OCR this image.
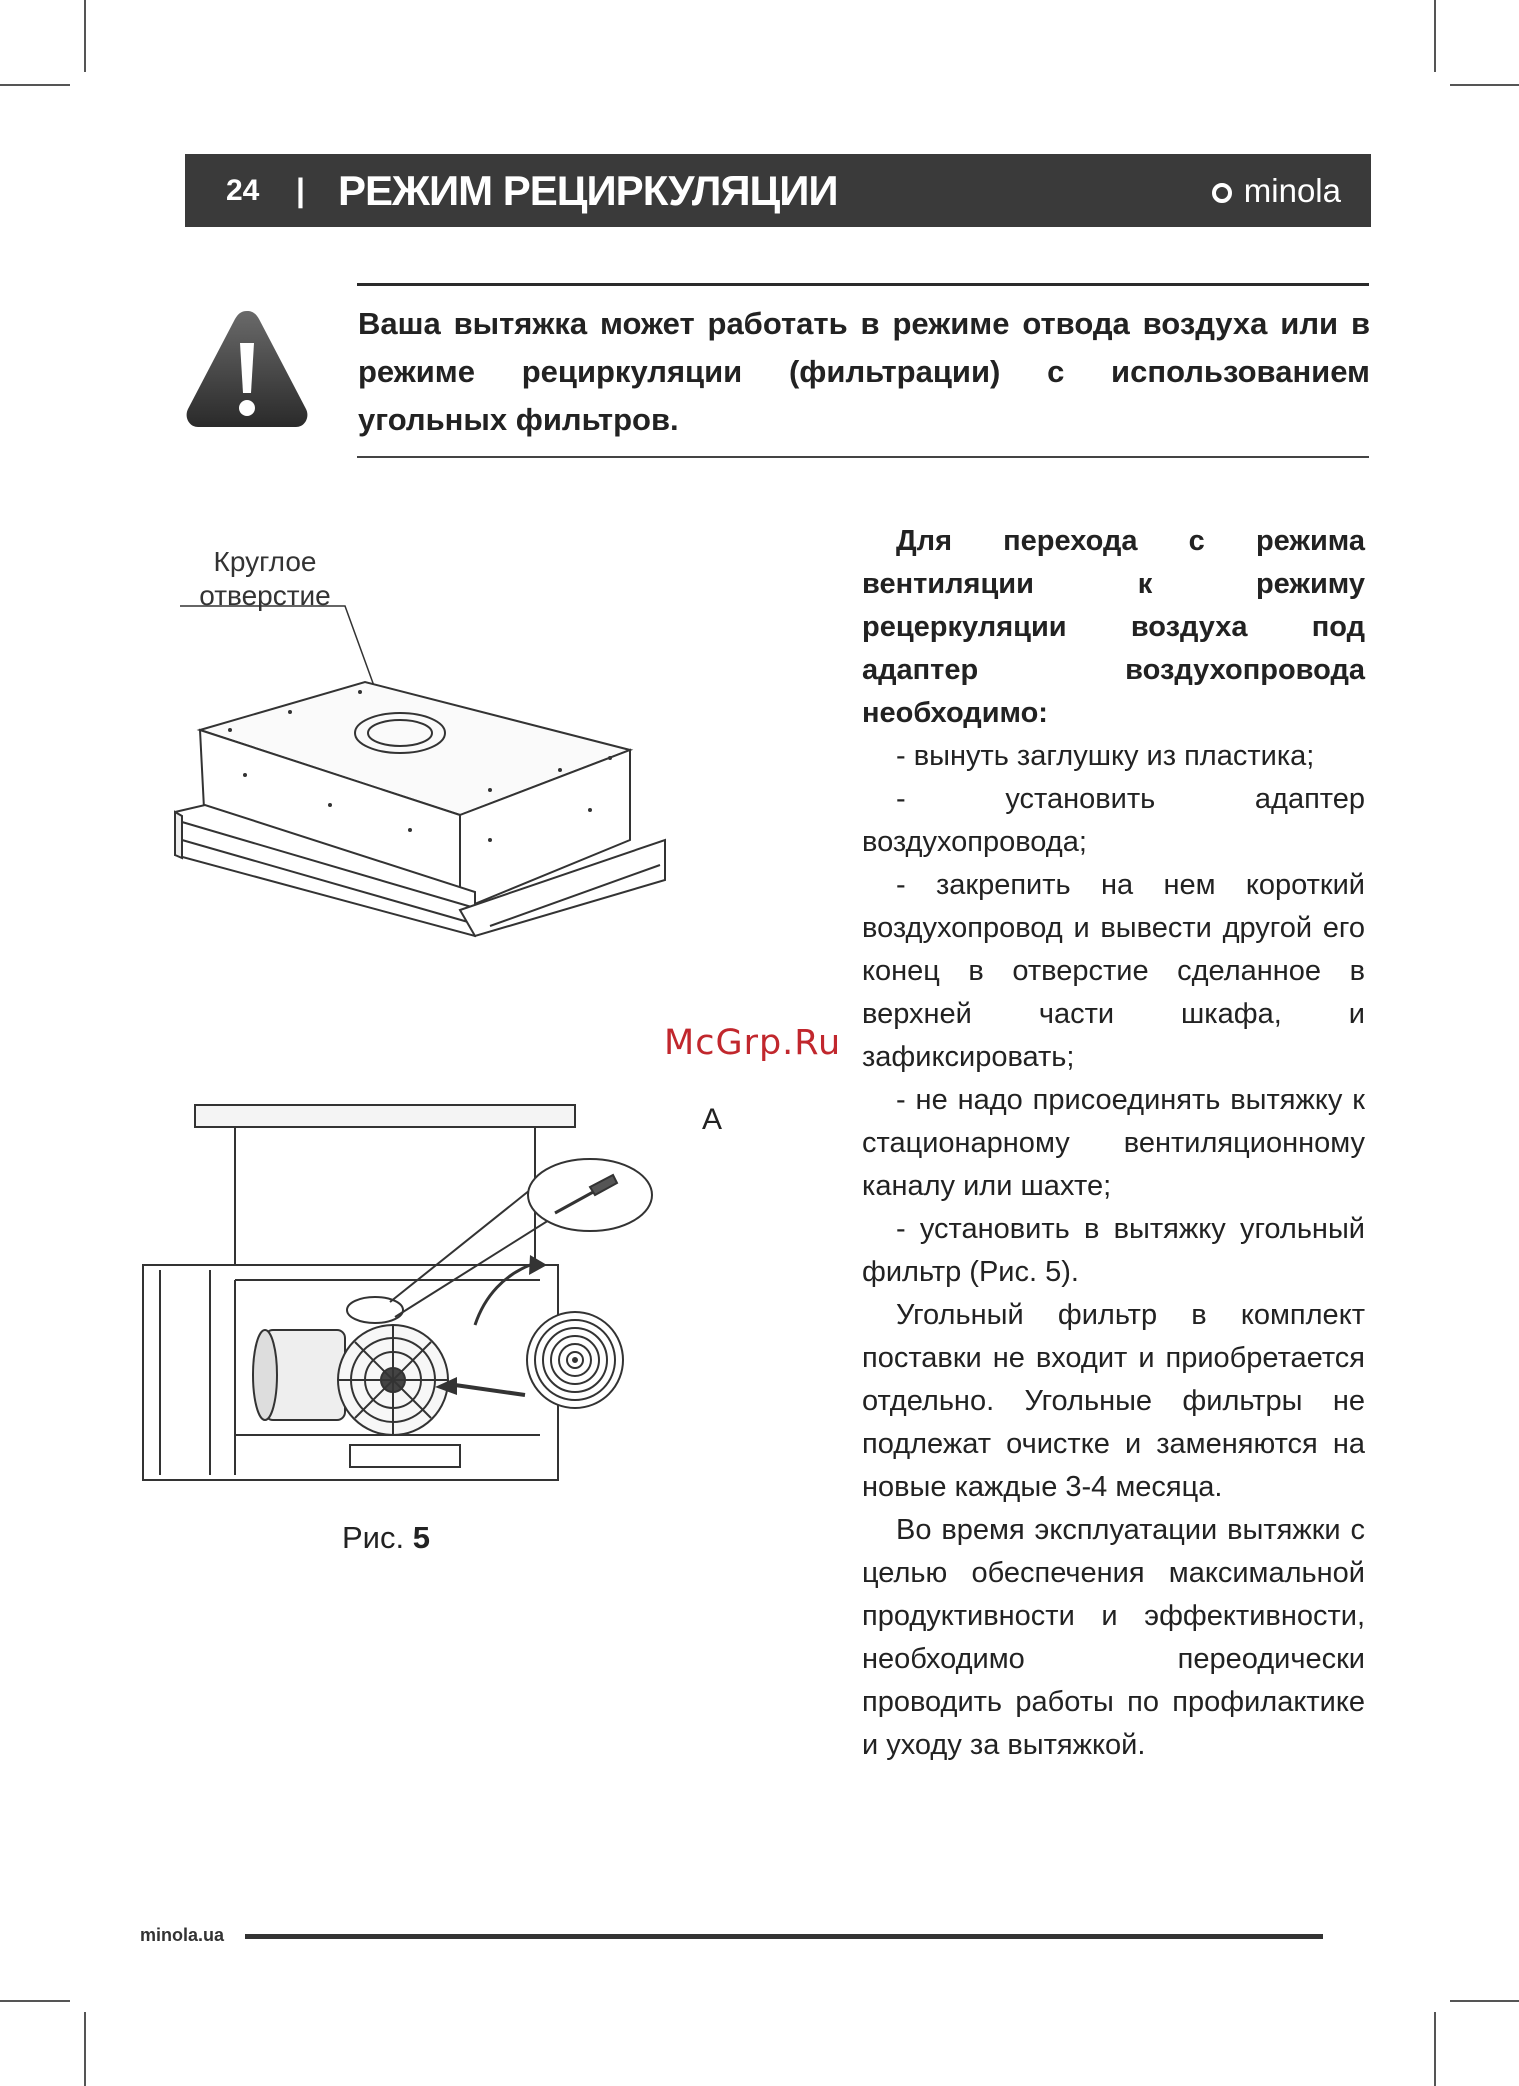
24 | РЕЖИМ РЕЦИРКУЛЯЦИИ	minola
Ваша вытяжка может работать в режиме отвода воздуха или в режиме рециркуляции (фильтрации) с использованием угольных фильтров.
Круглое
отверстие
A
Рис. 5

Для перехода с режима вентиляции к режиму рецеркуляции воздуха под адаптер воздухопровода необходимо:

- вынуть заглушку из пластика;

- установить адаптер воздухопровода;

- закрепить на нем короткий воздухопровод и вывести другой его конец в отверстие сделанное в верхней части шкафа, и зафиксировать;

- не надо присоединять вытяжку к стационарному вентиляционному каналу или шахте;

- установить в вытяжку угольный фильтр (Рис. 5).

Угольный фильтр в комплект поставки не входит и приобретается отдельно. Угольные фильтры не подлежат очистке и заменяются на новые каждые 3-4 месяца.

Во время эксплуатации вытяжки с целью обеспечения максимальной продуктивности и эффективности, необходимо переодически проводить работы по профилактике и уходу за вытяжкой.

McGrp.Ru
minola.ua
